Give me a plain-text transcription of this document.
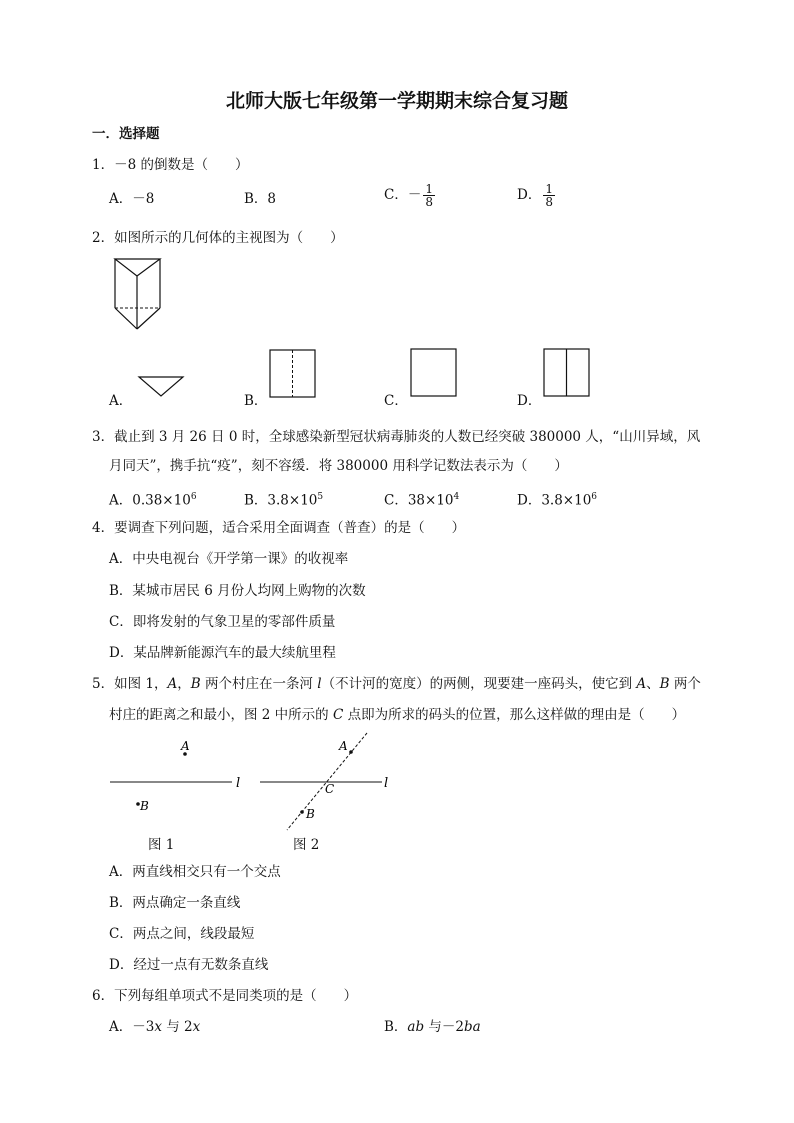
北师大版七年级第一学期期末综合复习题
一．选择题
1．－8 的倒数是（　　）
A．－8	B．8	C．－ $\frac{1}{8}$	D． $\frac{1}{8}$
2．如图所示的几何体的主视图为（　　）
A．	B．	C．	D．
3．截止到 3 月 26 日 0 时，全球感染新型冠状病毒肺炎的人数已经突破 380000 人，“山川异域，风
月同天”，携手抗“疫”，刻不容缓．将 380000 用科学记数法表示为（　　）
A．$0.38\times 10^6$	B．$3.8\times 10^5$	C．$38\times 10^4$	D．$3.8\times 10^6$
4．要调查下列问题，适合采用全面调查（普查）的是（　　）
A．中央电视台《开学第一课》的收视率
B．某城市居民 6 月份人均网上购物的次数
C．即将发射的气象卫星的零部件质量
D．某品牌新能源汽车的最大续航里程
5．如图 1，A，B 两个村庄在一条河 l（不计河的宽度）的两侧，现要建一座码头，使它到 A、B 两个
村庄的距离之和最小，图 2 中所示的 C 点即为所求的码头的位置，那么这样做的理由是（　　）
A
l
B
图 1
A
l
C
B
图 2
A．两直线相交只有一个交点
B．两点确定一条直线
C．两点之间，线段最短
D．经过一点有无数条直线
6．下列每组单项式不是同类项的是（　　）
A．－3x 与 2x	B．ab 与－2ba
